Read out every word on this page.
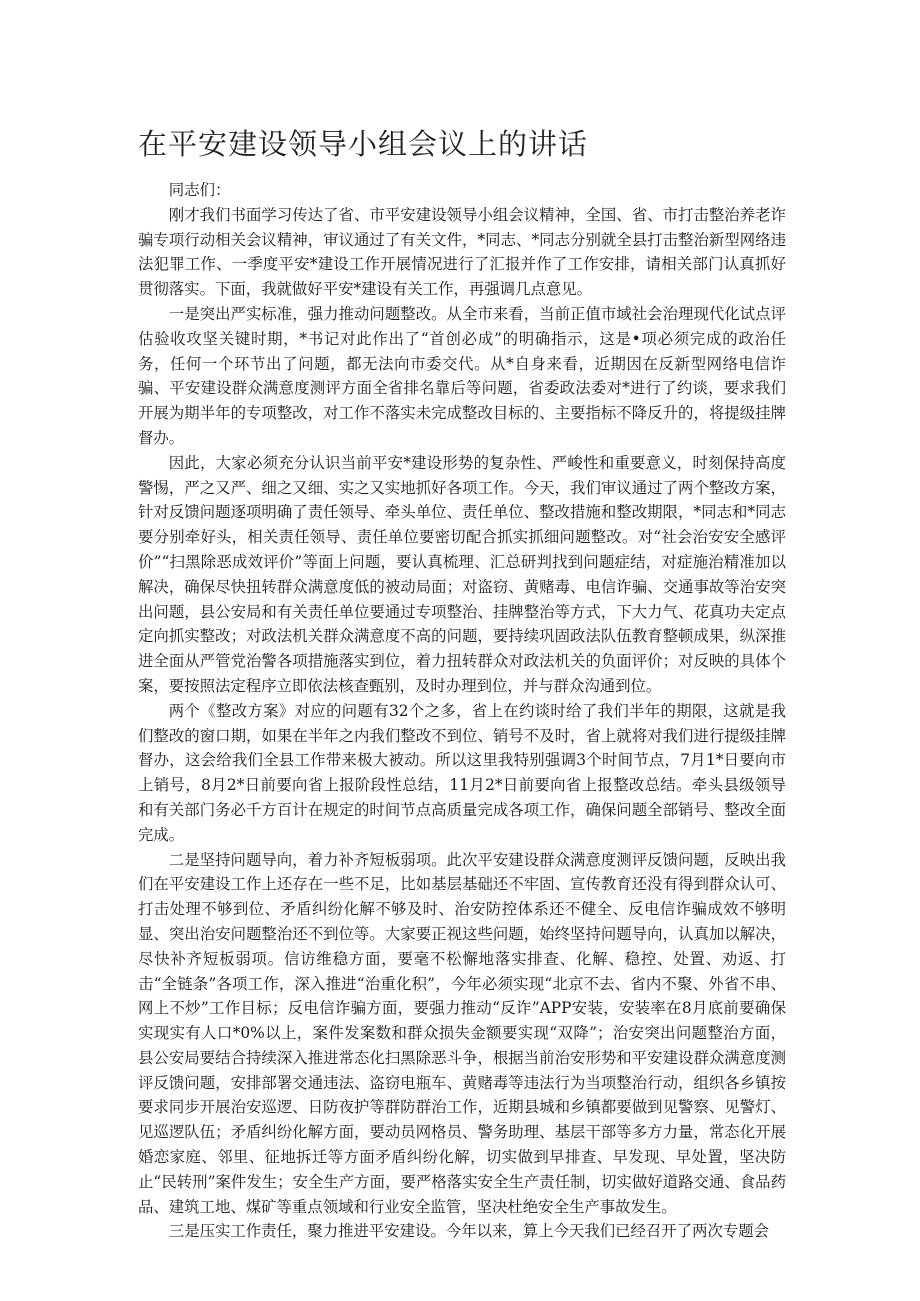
在平安建设领导小组会议上的讲话

同志们：

刚才我们书面学习传达了省、市平安建设领导小组会议精神，全国、省、市打击整治养老诈骗专项行动相关会议精神，审议通过了有关文件，*同志、*同志分别就全县打击整治新型网络违法犯罪工作、一季度平安*建设工作开展情况进行了汇报并作了工作安排，请相关部门认真抓好贯彻落实。下面，我就做好平安*建设有关工作，再强调几点意见。

一是突出严实标准，强力推动问题整改。从全市来看，当前正值市域社会治理现代化试点评估验收攻坚关键时期，*书记对此作出了“首创必成”的明确指示，这是•项必须完成的政治任务，任何一个环节出了问题，都无法向市委交代。从*自身来看，近期因在反新型网络电信诈骗、平安建设群众满意度测评方面全省排名靠后等问题，省委政法委对*进行了约谈，要求我们开展为期半年的专项整改，对工作不落实未完成整改目标的、主要指标不降反升的，将提级挂牌督办。

因此，大家必须充分认识当前平安*建设形势的复杂性、严峻性和重要意义，时刻保持高度警惕，严之又严、细之又细、实之又实地抓好各项工作。今天，我们审议通过了两个整改方案，针对反馈问题逐项明确了责任领导、牵头单位、责任单位、整改措施和整改期限，*同志和*同志要分别牵好头，相关责任领导、责任单位要密切配合抓实抓细问题整改。对“社会治安安全感评价”“扫黑除恶成效评价”等面上问题，要认真梳理、汇总研判找到问题症结，对症施治精准加以解决，确保尽快扭转群众满意度低的被动局面；对盗窃、黄赌毒、电信诈骗、交通事故等治安突出问题，县公安局和有关责任单位要通过专项整治、挂牌整治等方式，下大力气、花真功夫定点定向抓实整改；对政法机关群众满意度不高的问题，要持续巩固政法队伍教育整顿成果，纵深推进全面从严管党治警各项措施落实到位，着力扭转群众对政法机关的负面评价；对反映的具体个案，要按照法定程序立即依法核查甄别，及时办理到位，并与群众沟通到位。

两个《整改方案》对应的问题有32个之多，省上在约谈时给了我们半年的期限，这就是我们整改的窗口期，如果在半年之内我们整改不到位、销号不及时，省上就将对我们进行提级挂牌督办，这会给我们全县工作带来极大被动。所以这里我特别强调3个时间节点，7月1*日要向市上销号，8月2*日前要向省上报阶段性总结，11月2*日前要向省上报整改总结。牵头县级领导和有关部门务必千方百计在规定的时间节点高质量完成各项工作，确保问题全部销号、整改全面完成。

二是坚持问题导向，着力补齐短板弱项。此次平安建设群众满意度测评反馈问题，反映出我们在平安建设工作上还存在一些不足，比如基层基础还不牢固、宣传教育还没有得到群众认可、打击处理不够到位、矛盾纠纷化解不够及时、治安防控体系还不健全、反电信诈骗成效不够明显、突出治安问题整治还不到位等。大家要正视这些问题，始终坚持问题导向，认真加以解决，尽快补齐短板弱项。信访维稳方面，要毫不松懈地落实排查、化解、稳控、处置、劝返、打击“全链条”各项工作，深入推进“治重化积”，今年必须实现“北京不去、省内不聚、外省不串、网上不炒”工作目标；反电信诈骗方面，要强力推动“反诈”APP安装，安装率在8月底前要确保实现实有人口*0%以上，案件发案数和群众损失金额要实现“双降”；治安突出问题整治方面，县公安局要结合持续深入推进常态化扫黑除恶斗争，根据当前治安形势和平安建设群众满意度测评反馈问题，安排部署交通违法、盗窃电瓶车、黄赌毒等违法行为当项整治行动，组织各乡镇按要求同步开展治安巡逻、日防夜护等群防群治工作，近期县城和乡镇都要做到见警察、见警灯、见巡逻队伍；矛盾纠纷化解方面，要动员网格员、警务助理、基层干部等多方力量，常态化开展婚恋家庭、邻里、征地拆迁等方面矛盾纠纷化解，切实做到早排查、早发现、早处置，坚决防止“民转刑”案件发生；安全生产方面，要严格落实安全生产责任制，切实做好道路交通、食品药品、建筑工地、煤矿等重点领域和行业安全监管，坚决杜绝安全生产事故发生。

三是压实工作责任，聚力推进平安建设。今年以来，算上今天我们已经召开了两次专题会
